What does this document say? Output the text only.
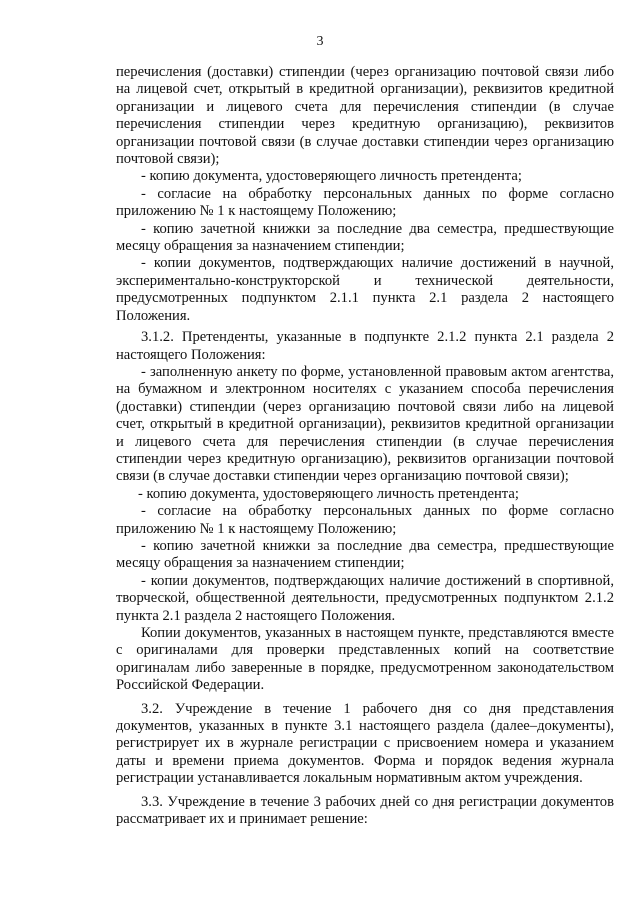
3

перечисления (доставки) стипендии (через организацию почтовой связи либо на лицевой счет, открытый в кредитной организации), реквизитов кредитной организации и лицевого счета для перечисления стипендии (в случае перечисления стипендии через кредитную организацию), реквизитов организации почтовой связи (в случае доставки стипендии через организацию почтовой связи);

- копию документа, удостоверяющего личность претендента;

- согласие на обработку персональных данных по форме согласно приложению № 1 к настоящему Положению;

- копию зачетной книжки за последние два семестра, предшествующие месяцу обращения за назначением стипендии;

- копии документов, подтверждающих наличие достижений в научной, экспериментально-конструкторской и технической деятельности, предусмотренных подпунктом 2.1.1 пункта 2.1 раздела 2 настоящего Положения.

3.1.2. Претенденты, указанные в подпункте 2.1.2 пункта 2.1 раздела 2 настоящего Положения:

- заполненную анкету по форме, установленной правовым актом агентства, на бумажном и электронном носителях с указанием способа перечисления (доставки) стипендии (через организацию почтовой связи либо на лицевой счет, открытый в кредитной организации), реквизитов кредитной организации и лицевого счета для перечисления стипендии (в случае перечисления стипендии через кредитную организацию), реквизитов организации почтовой связи (в случае доставки стипендии через организацию почтовой связи);

- копию документа, удостоверяющего личность претендента;

- согласие на обработку персональных данных по форме согласно приложению № 1 к настоящему Положению;

- копию зачетной книжки за последние два семестра, предшествующие месяцу обращения за назначением стипендии;

- копии документов, подтверждающих наличие достижений в спортивной, творческой, общественной деятельности, предусмотренных подпунктом 2.1.2 пункта 2.1 раздела 2 настоящего Положения.

Копии документов, указанных в настоящем пункте, представляются вместе с оригиналами для проверки представленных копий на соответствие оригиналам либо заверенные в порядке, предусмотренном законодательством Российской Федерации.

3.2. Учреждение в течение 1 рабочего дня со дня представления документов, указанных в пункте 3.1 настоящего раздела (далее–документы), регистрирует их в журнале регистрации с присвоением номера и указанием даты и времени приема документов. Форма и порядок ведения журнала регистрации устанавливается локальным нормативным актом учреждения.

3.3. Учреждение в течение 3 рабочих дней со дня регистрации документов рассматривает их и принимает решение:
